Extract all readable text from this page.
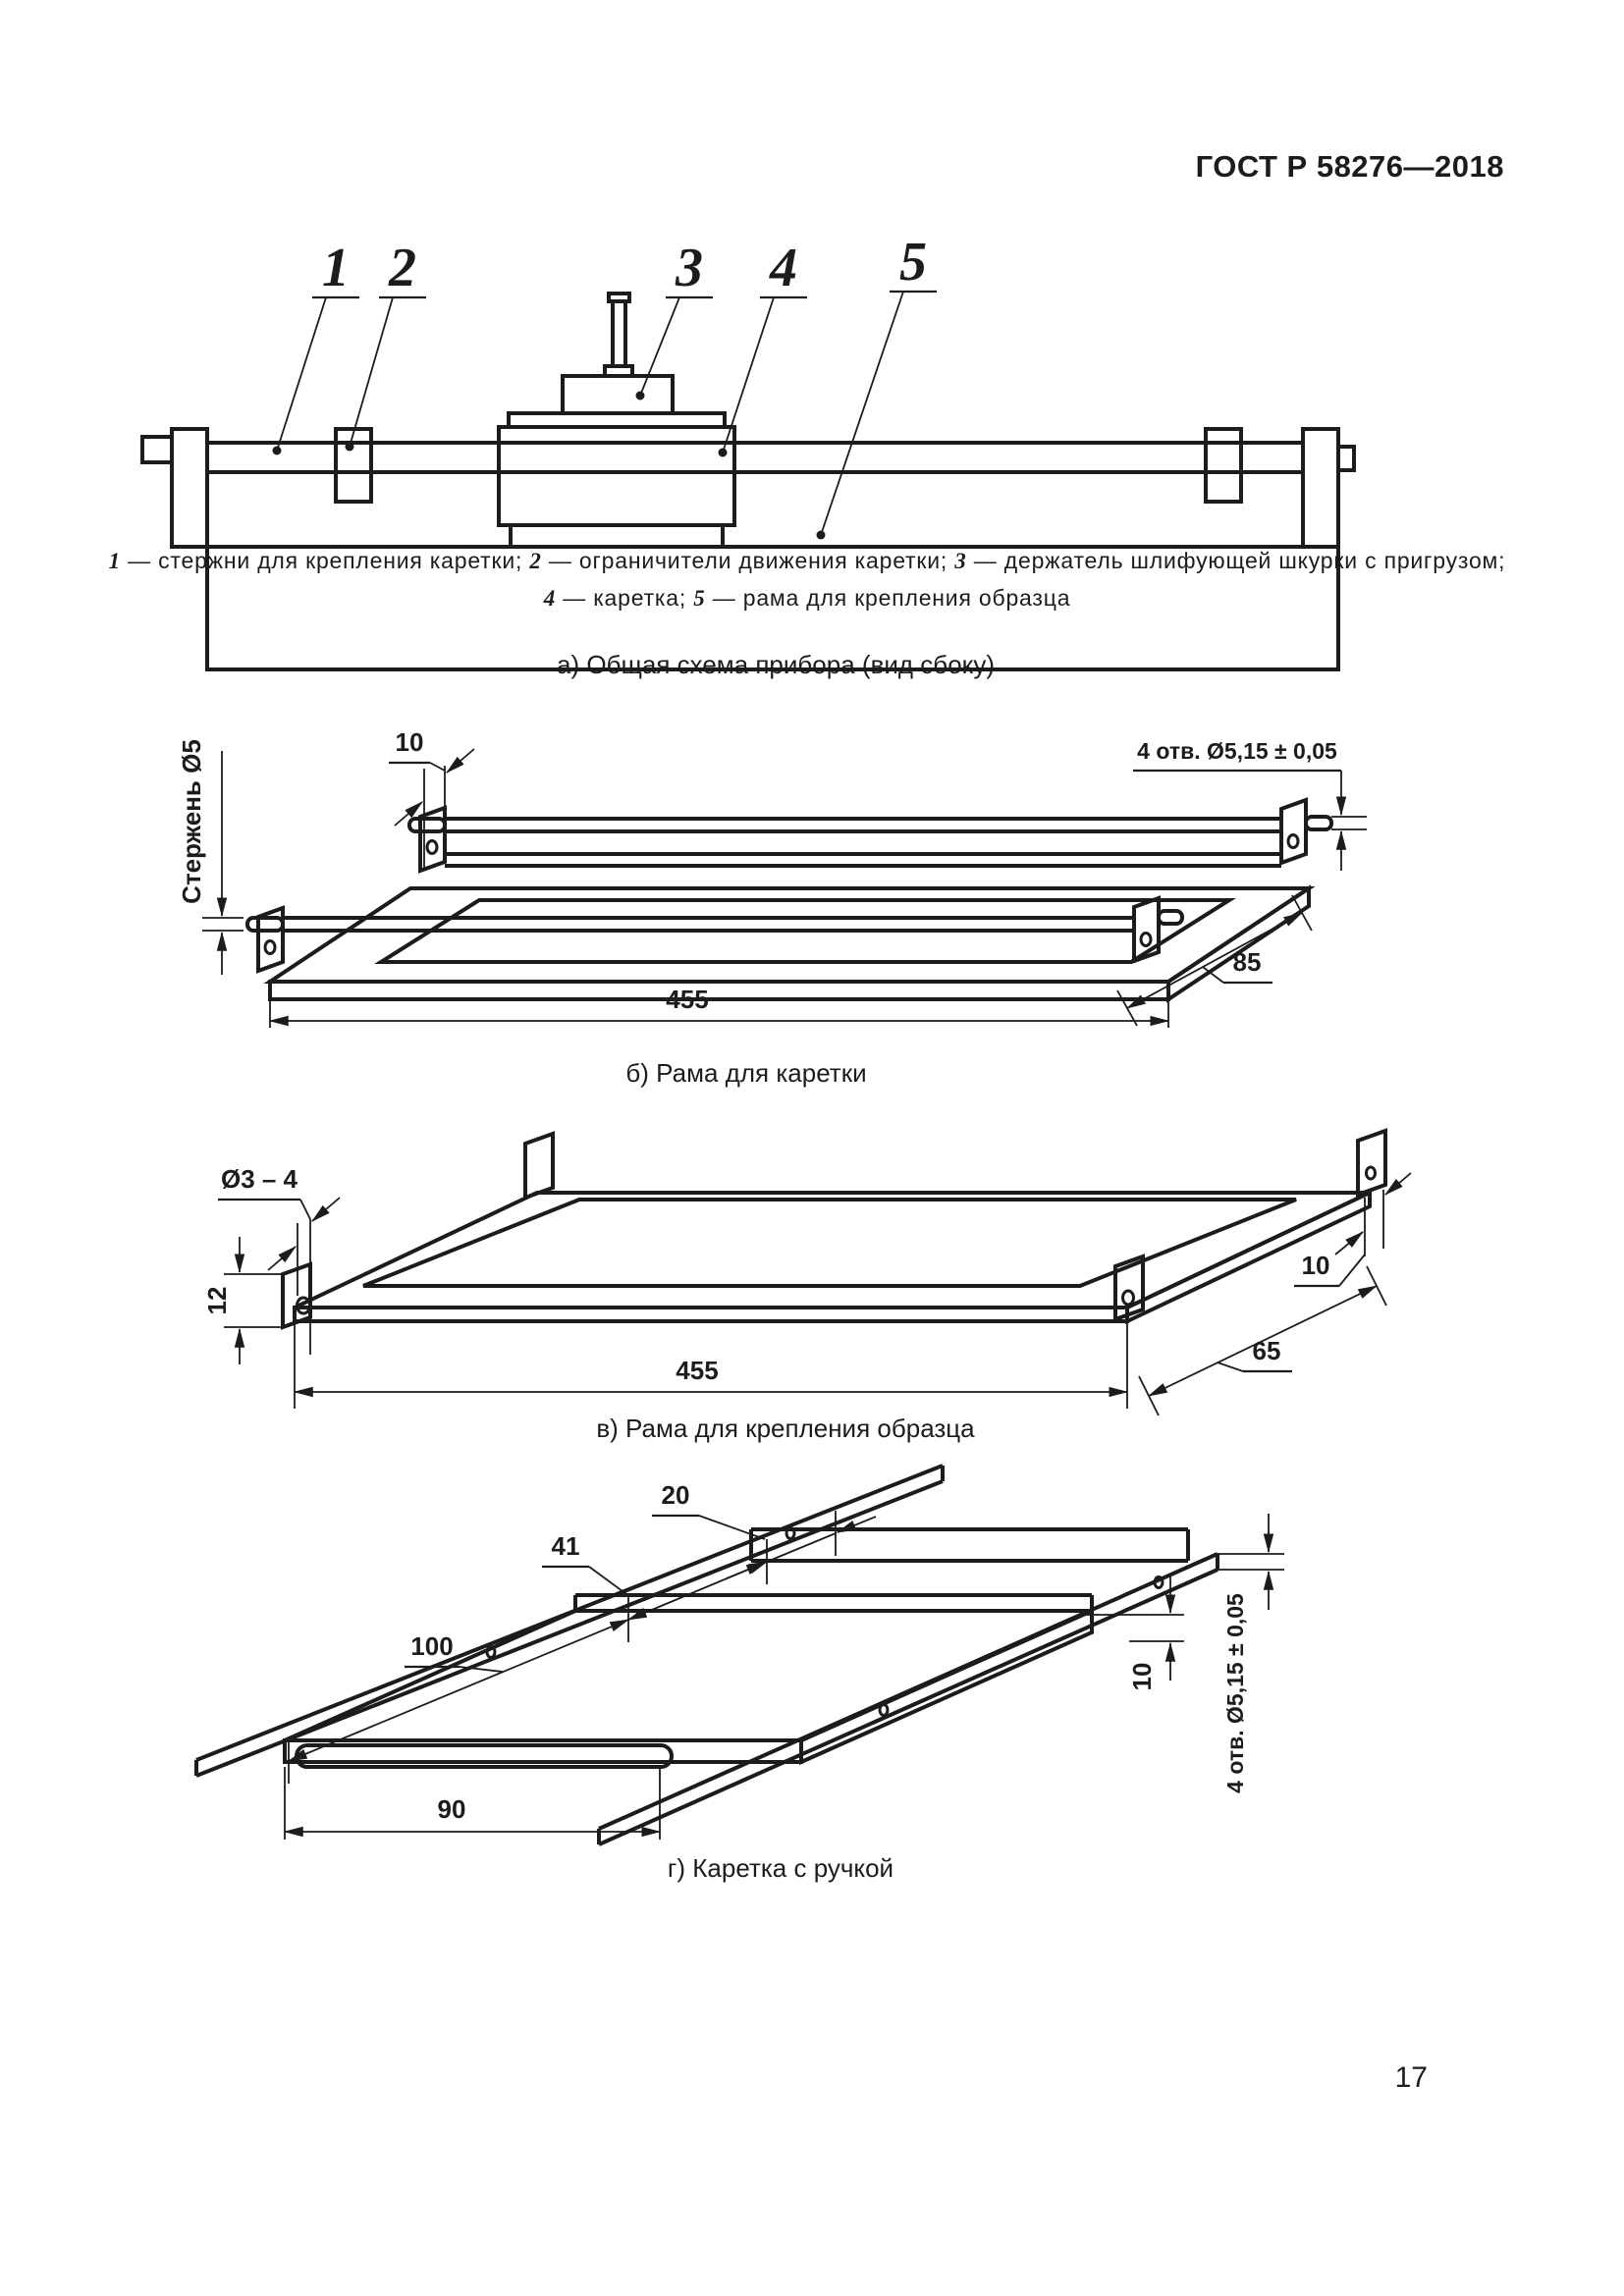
ГОСТ Р 58276—2018
1 2	3 4 5
1 — стержни для крепления каретки; 2 — ограничители движения каретки; 3 — держатель шлифующей шкурки с пригрузом;
4 — каретка; 5 — рама для крепления образца
а) Общая схема прибора (вид сбоку)
Стержень Ø5	10	4 отв. Ø5,15 ± 0,05
455
85
б) Рама для каретки
Ø3 – 4
12
455
65
10
в) Рама для крепления образца
100
41
20
90
10	4 отв. Ø5,15 ± 0,05
г) Каретка с ручкой
17
